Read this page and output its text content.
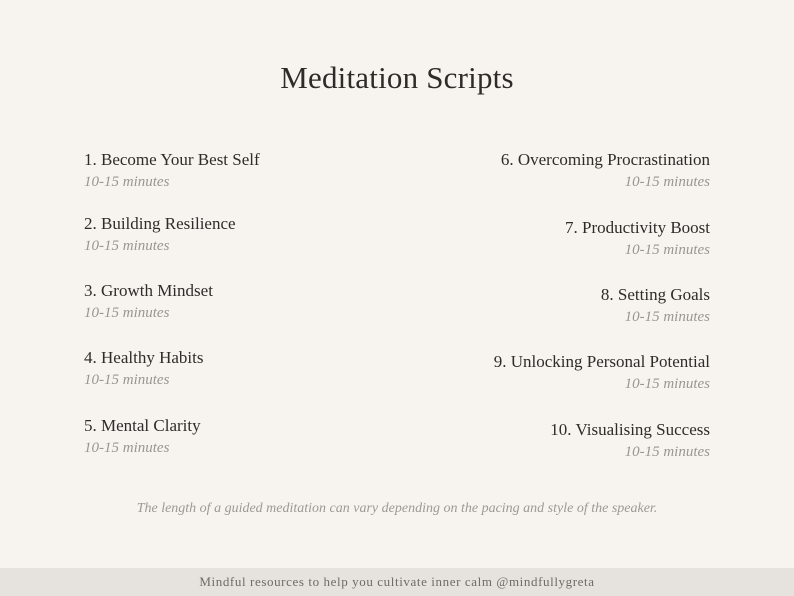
Meditation Scripts
1. Become Your Best Self
10-15 minutes
2. Building Resilience
10-15 minutes
3. Growth Mindset
10-15 minutes
4. Healthy Habits
10-15 minutes
5. Mental Clarity
10-15 minutes
6. Overcoming Procrastination
10-15 minutes
7. Productivity Boost
10-15 minutes
8. Setting Goals
10-15 minutes
9. Unlocking Personal Potential
10-15 minutes
10. Visualising Success
10-15 minutes
The length of a guided meditation can vary depending on the pacing and style of the speaker.
Mindful resources to help you cultivate inner calm @mindfullygreta
